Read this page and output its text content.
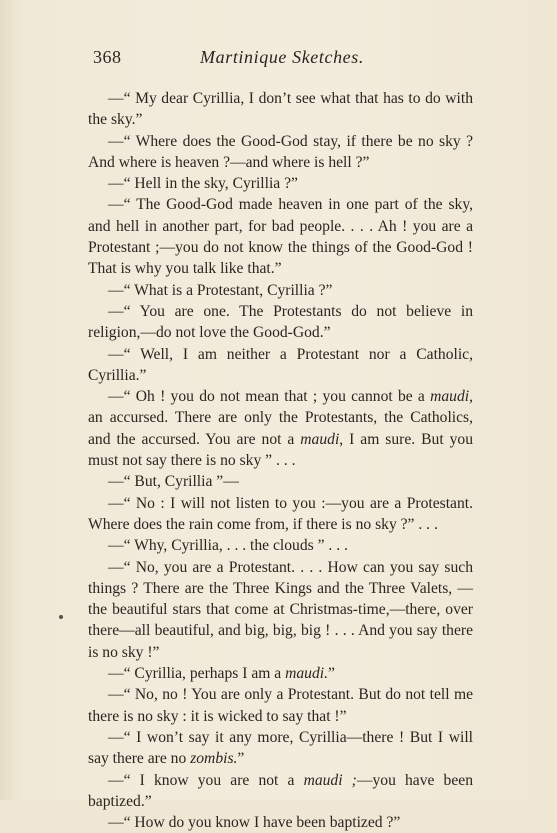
368	Martinique Sketches.

—“ My dear Cyrillia, I don’t see what that has to do with the sky.”

—“ Where does the Good-God stay, if there be no sky ? And where is heaven ?—and where is hell ?”

—“ Hell in the sky, Cyrillia ?”

—“ The Good-God made heaven in one part of the sky, and hell in another part, for bad people. . . . Ah ! you are a Protestant ;—you do not know the things of the Good-God ! That is why you talk like that.”

—“ What is a Protestant, Cyrillia ?”

—“ You are one. The Protestants do not believe in religion,—do not love the Good-God.”

—“ Well, I am neither a Protestant nor a Catholic, Cyrillia.”

—“ Oh ! you do not mean that ; you cannot be a maudi, an accursed. There are only the Protestants, the Catholics, and the accursed. You are not a maudi, I am sure. But you must not say there is no sky ” . . .

—“ But, Cyrillia ”—

—“ No : I will not listen to you :—you are a Protestant. Where does the rain come from, if there is no sky ?” . . .

—“ Why, Cyrillia, . . . the clouds ” . . .

—“ No, you are a Protestant. . . . How can you say such things ? There are the Three Kings and the Three Valets, — the beautiful stars that come at Christmas-time,—there, over there—all beautiful, and big, big, big ! . . . And you say there is no sky !”

—“ Cyrillia, perhaps I am a maudi.”

—“ No, no ! You are only a Protestant. But do not tell me there is no sky : it is wicked to say that !”

—“ I won’t say it any more, Cyrillia—there ! But I will say there are no zombis.”

—“ I know you are not a maudi ;—you have been baptized.”

—“ How do you know I have been baptized ?”
